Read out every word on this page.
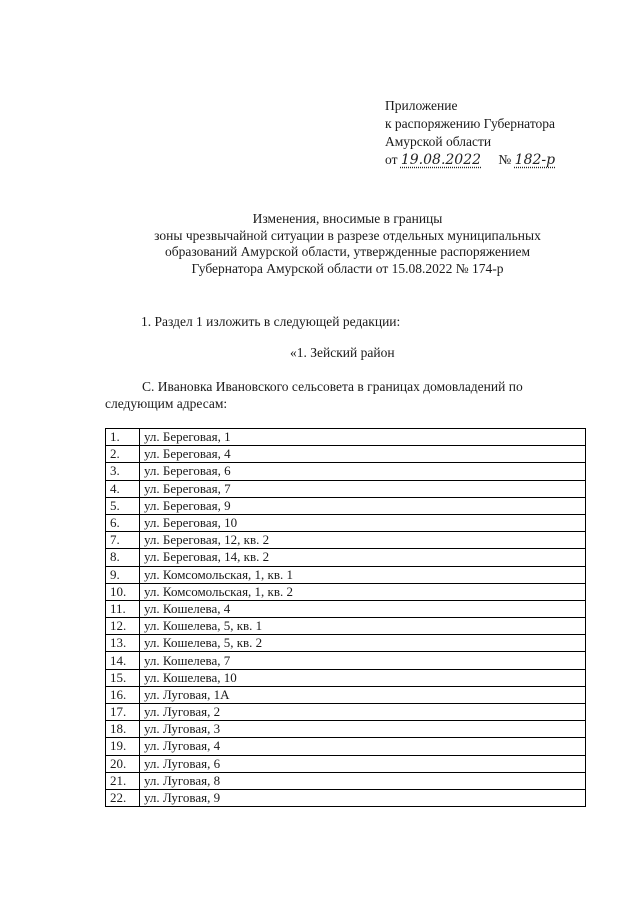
Приложение
к распоряжению Губернатора
Амурской области
от 19.08.2022 № 182-р
Изменения, вносимые в границы
зоны чрезвычайной ситуации в разрезе отдельных муниципальных
образований Амурской области, утвержденные распоряжением
Губернатора Амурской области от 15.08.2022 № 174-р
1. Раздел 1 изложить в следующей редакции:
«1. Зейский район
С. Ивановка Ивановского сельсовета в границах домовладений по следующим адресам:
1.	ул. Береговая, 1
2.	ул. Береговая, 4
3.	ул. Береговая, 6
4.	ул. Береговая, 7
5.	ул. Береговая, 9
6.	ул. Береговая, 10
7.	ул. Береговая, 12, кв. 2
8.	ул. Береговая, 14, кв. 2
9.	ул. Комсомольская, 1, кв. 1
10.	ул. Комсомольская, 1, кв. 2
11.	ул. Кошелева, 4
12.	ул. Кошелева, 5, кв. 1
13.	ул. Кошелева, 5, кв. 2
14.	ул. Кошелева, 7
15.	ул. Кошелева, 10
16.	ул. Луговая, 1А
17.	ул. Луговая, 2
18.	ул. Луговая, 3
19.	ул. Луговая, 4
20.	ул. Луговая, 6
21.	ул. Луговая, 8
22.	ул. Луговая, 9
